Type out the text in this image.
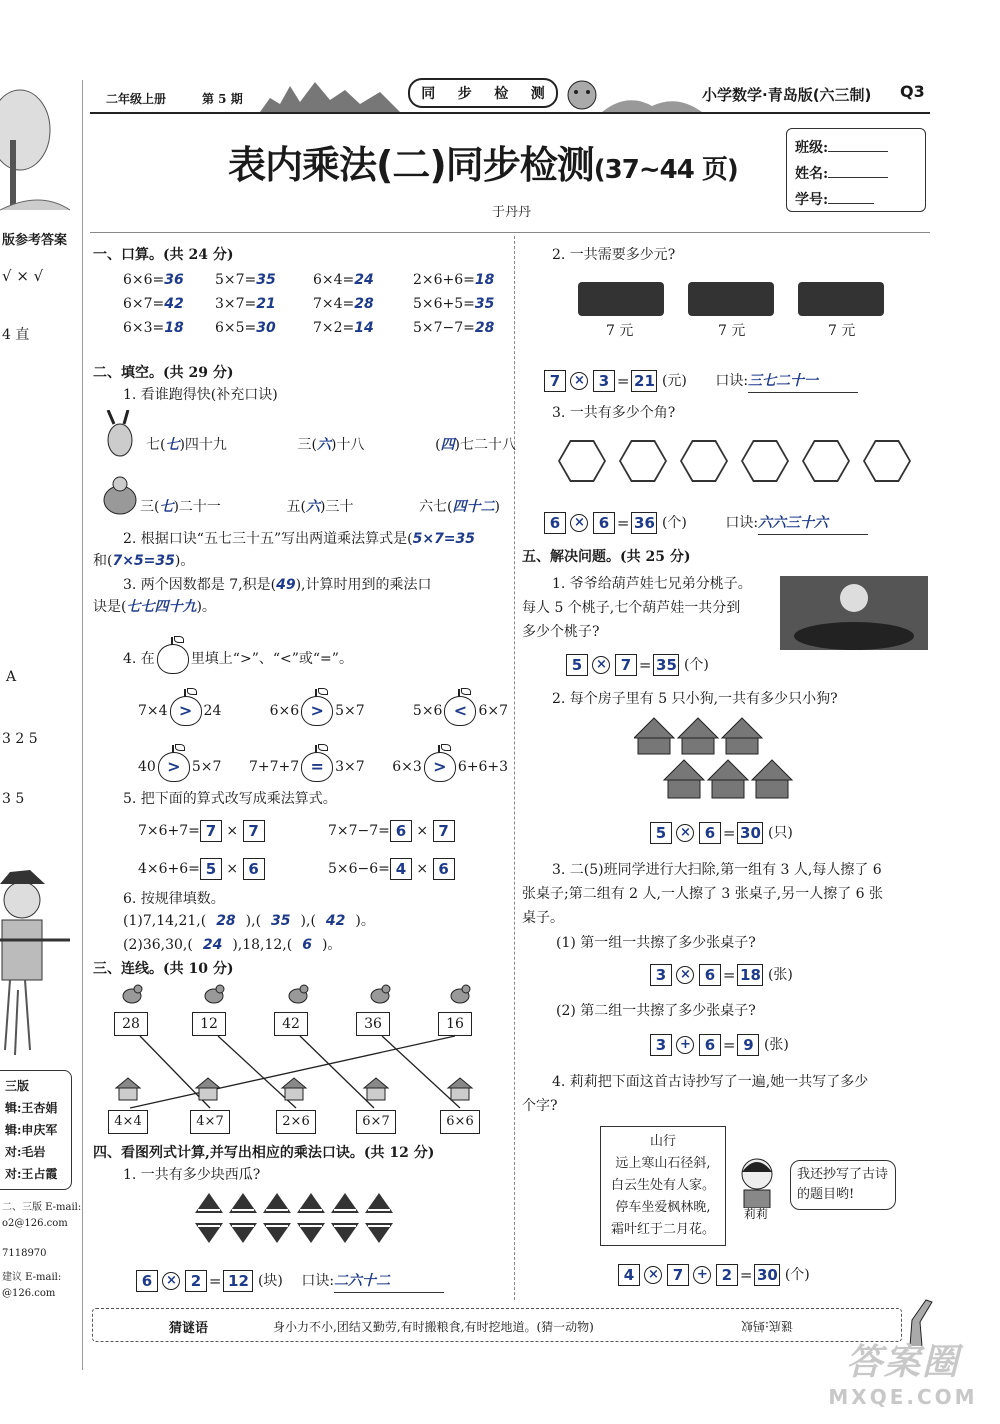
版参考答案
√ × √
4 直
A
3 2 5
3 5
三版
辑:王杏娟
辑:申庆军
对:毛岩
对:王占霞
二、三版 E-mail:
o2@126.com
7118970
建议 E-mail:
@126.com
二年级上册	第 5 期	同 步 检 测	小学数学·青岛版(六三制) Q3
表内乘法(二)同步检测(37~44 页)
于丹丹
班级:
姓名:
学号:
一、口算。(共 24 分)
6×6=36	5×7=35	6×4=24	2×6+6=18
6×7=42	3×7=21	7×4=28	5×6+5=35
6×3=18	6×5=30	7×2=14	5×7−7=28
二、填空。(共 29 分)
1. 看谁跑得快(补充口诀)
七(七)四十九	三(六)十八	(四)七二十八
三(七)二十一	五(六)三十	六七(四十二)
2. 根据口诀“五七三十五”写出两道乘法算式是(5×7=35
和(7×5=35)。
3. 两个因数都是 7,积是(49),计算时用到的乘法口
诀是(七七四十九)。
4. 在	里填上“>”、“<”或“=”。
7×4 > 24	6×6 > 5×7	5×6 < 6×7
40 > 5×7 7+7+7 = 3×7 6×3 > 6+6+3
5. 把下面的算式改写成乘法算式。
7×6+7= 7 × 7	7×7−7= 6 × 7
4×6+6= 5 × 6	5×6−6= 4 × 6
6. 按规律填数。
(1)7,14,21,( 28 ),( 35 ),( 42 )。
(2)36,30,( 24 ),18,12,( 6 )。
三、连线。(共 10 分)
28	12	42	36	16
4×4	4×7	2×6	6×7	6×6
四、看图列式计算,并写出相应的乘法口诀。(共 12 分)
1. 一共有多少块西瓜?
6 × 2 = 12 (块) 口诀:二六十二
2. 一共需要多少元?
7 元	7 元	7 元
7 × 3 = 21 (元) 口诀:三七二十一
3. 一共有多少个角?
6 × 6 = 36 (个)	口诀:六六三十六
五、解决问题。(共 25 分)
1. 爷爷给葫芦娃七兄弟分桃子。
每人 5 个桃子,七个葫芦娃一共分到
多少个桃子?
5 × 7 = 35 (个)
2. 每个房子里有 5 只小狗,一共有多少只小狗?
5 × 6 = 30 (只)
3. 二(5)班同学进行大扫除,第一组有 3 人,每人擦了 6
张桌子;第二组有 2 人,一人擦了 3 张桌子,另一人擦了 6 张
桌子。
(1) 第一组一共擦了多少张桌子?
3 × 6 = 18 (张)
(2) 第二组一共擦了多少张桌子?
3 + 6 = 9 (张)
4. 莉莉把下面这首古诗抄写了一遍,她一共写了多少
个字?
山行
远上寒山石径斜,
白云生处有人家。
停车坐爱枫林晚,
霜叶红于二月花。
莉莉
我还抄写了古诗的题目哟!
4 × 7 + 2 = 30 (个)
猜谜语	身小力不小,团结又勤劳,有时搬粮食,有时挖地道。(猜一动物)	谜底:蚂蚁
答案圈
MXQE.COM
